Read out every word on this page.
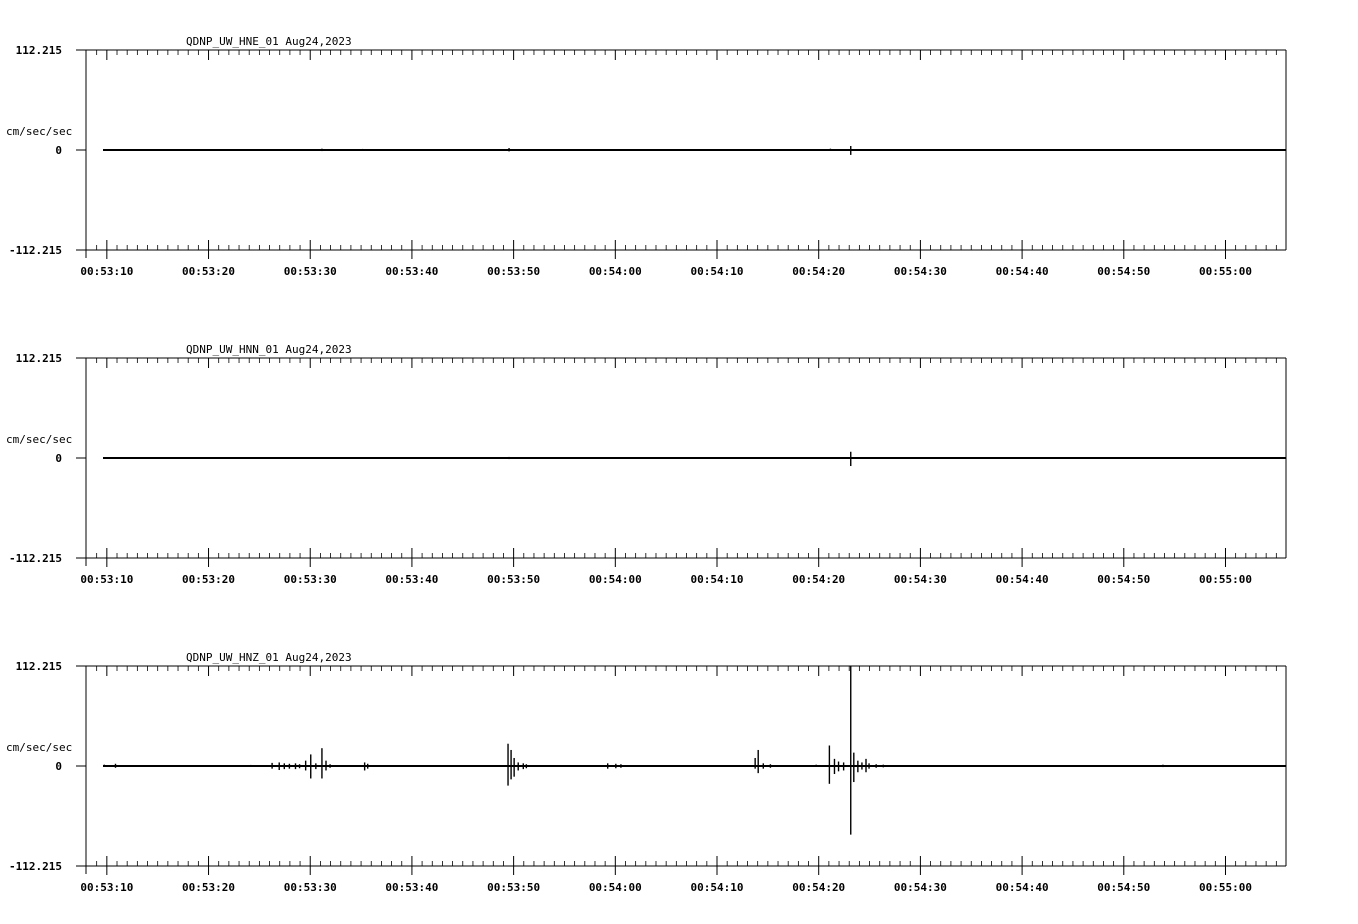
QDNP_UW_HNE_01 Aug24,2023
112.215
0
-112.215
cm/sec/sec
00:53:10	00:53:20	00:53:30	00:53:40	00:53:50	00:54:00	00:54:10	00:54:20	00:54:30	00:54:40	00:54:50	00:55:00
QDNP_UW_HNN_01 Aug24,2023
112.215
0
-112.215
cm/sec/sec
00:53:10	00:53:20	00:53:30	00:53:40	00:53:50	00:54:00	00:54:10	00:54:20	00:54:30	00:54:40	00:54:50	00:55:00
QDNP_UW_HNZ_01 Aug24,2023
112.215
0
-112.215
cm/sec/sec
00:53:10	00:53:20	00:53:30	00:53:40	00:53:50	00:54:00	00:54:10	00:54:20	00:54:30	00:54:40	00:54:50	00:55:00
